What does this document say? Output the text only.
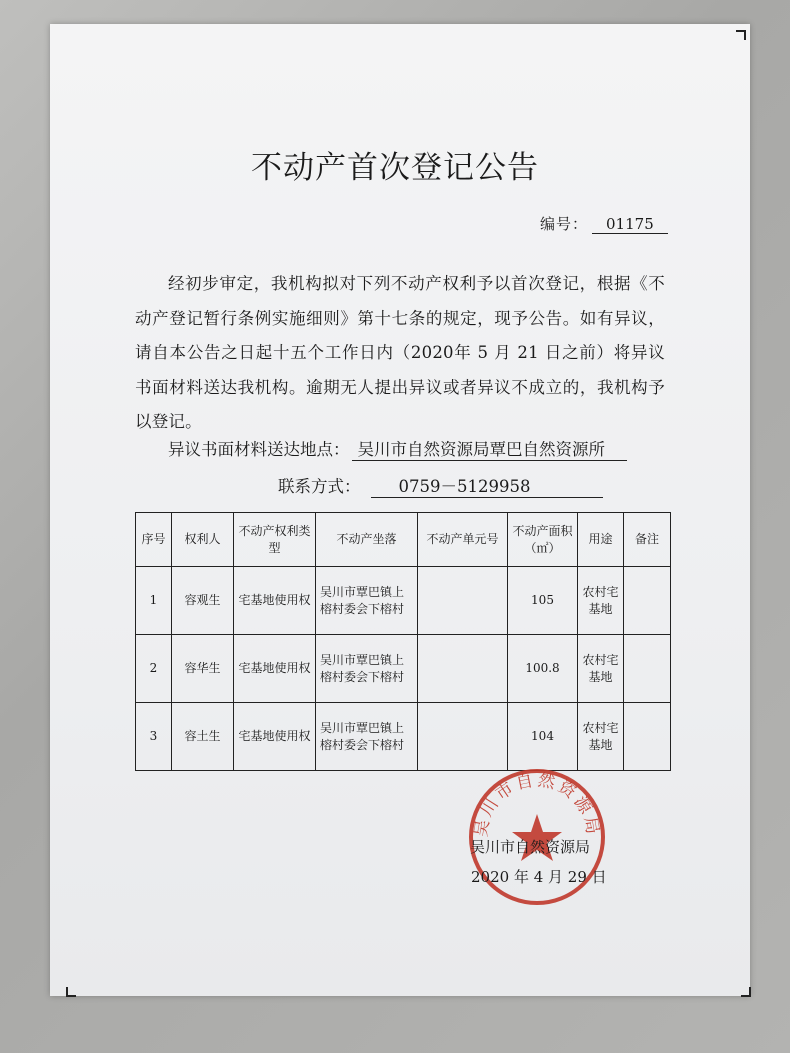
不动产首次登记公告
编号： 01175

经初步审定，我机构拟对下列不动产权利予以首次登记，根据《不动产登记暂行条例实施细则》第十七条的规定，现予公告。如有异议，请自本公告之日起十五个工作日内（2020年 5 月 21 日之前）将异议书面材料送达我机构。逾期无人提出异议或者异议不成立的，我机构予以登记。

异议书面材料送达地点： 吴川市自然资源局覃巴自然资源所
联系方式： 0759－5129958
序号	权利人	不动产权利类型	不动产坐落	不动产单元号	不动产面积（㎡）	用途	备注
1	容观生	宅基地使用权	吴川市覃巴镇上榕村委会下榕村		105	农村宅基地	
2	容华生	宅基地使用权	吴川市覃巴镇上榕村委会下榕村		100.8	农村宅基地	
3	容土生	宅基地使用权	吴川市覃巴镇上榕村委会下榕村		104	农村宅基地	
吴川市自然资源局
吴川市自然资源局
2020 年 4 月 29 日
